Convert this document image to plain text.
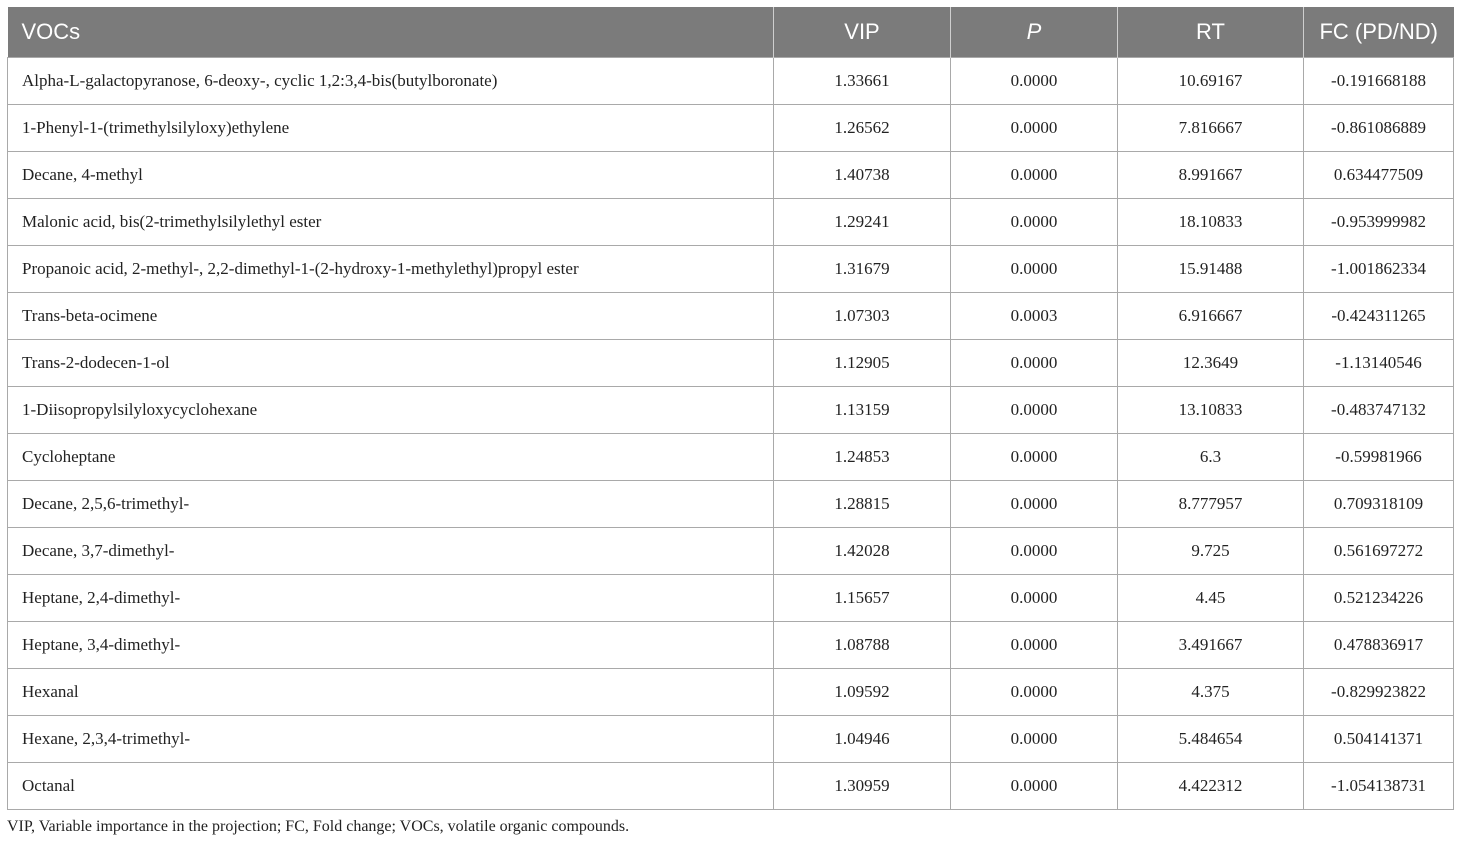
VOCs	VIP	P	RT	FC (PD/ND)
Alpha-L-galactopyranose, 6-deoxy-, cyclic 1,2:3,4-bis(butylboronate)	1.33661	0.0000	10.69167	-0.191668188
1-Phenyl-1-(trimethylsilyloxy)ethylene	1.26562	0.0000	7.816667	-0.861086889
Decane, 4-methyl	1.40738	0.0000	8.991667	0.634477509
Malonic acid, bis(2-trimethylsilylethyl ester	1.29241	0.0000	18.10833	-0.953999982
Propanoic acid, 2-methyl-, 2,2-dimethyl-1-(2-hydroxy-1-methylethyl)propyl ester	1.31679	0.0000	15.91488	-1.001862334
Trans-beta-ocimene	1.07303	0.0003	6.916667	-0.424311265
Trans-2-dodecen-1-ol	1.12905	0.0000	12.3649	-1.13140546
1-Diisopropylsilyloxycyclohexane	1.13159	0.0000	13.10833	-0.483747132
Cycloheptane	1.24853	0.0000	6.3	-0.59981966
Decane, 2,5,6-trimethyl-	1.28815	0.0000	8.777957	0.709318109
Decane, 3,7-dimethyl-	1.42028	0.0000	9.725	0.561697272
Heptane, 2,4-dimethyl-	1.15657	0.0000	4.45	0.521234226
Heptane, 3,4-dimethyl-	1.08788	0.0000	3.491667	0.478836917
Hexanal	1.09592	0.0000	4.375	-0.829923822
Hexane, 2,3,4-trimethyl-	1.04946	0.0000	5.484654	0.504141371
Octanal	1.30959	0.0000	4.422312	-1.054138731
VIP, Variable importance in the projection; FC, Fold change; VOCs, volatile organic compounds.
